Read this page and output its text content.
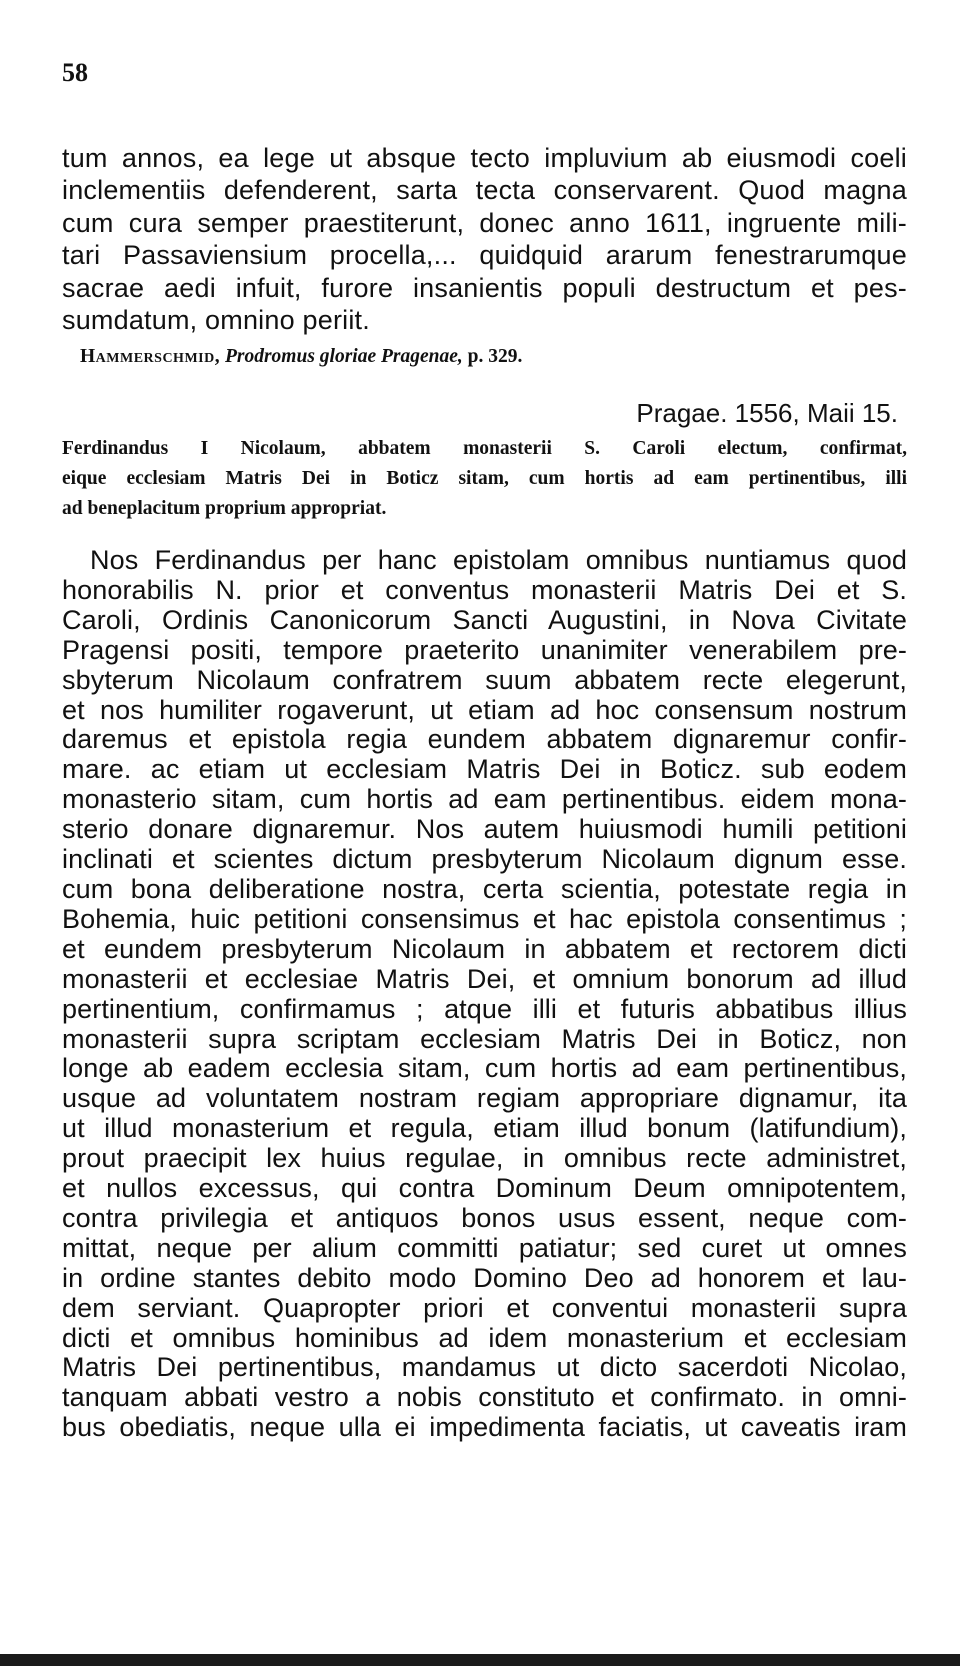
58
tum annos, ea lege ut absque tecto impluvium ab eiusmodi coeli
inclementiis defenderent, sarta tecta conservarent. Quod magna
cum cura semper praestiterunt, donec anno 1611, ingruente mili-
tari Passaviensium procella,... quidquid ararum fenestrarumque
sacrae aedi infuit, furore insanientis populi destructum et pes-
sumdatum, omnino periit.
Hammerschmid, Prodromus gloriae Pragenae, p. 329.
Pragae. 1556, Maii 15.
Ferdinandus I Nicolaum, abbatem monasterii S. Caroli electum, confirmat,
eique ecclesiam Matris Dei in Boticz sitam, cum hortis ad eam pertinentibus, illi
ad beneplacitum proprium appropriat.
Nos Ferdinandus per hanc epistolam omnibus nuntiamus quod
honorabilis N. prior et conventus monasterii Matris Dei et S.
Caroli, Ordinis Canonicorum Sancti Augustini, in Nova Civitate
Pragensi positi, tempore praeterito unanimiter venerabilem pre-
sbyterum Nicolaum confratrem suum abbatem recte elegerunt,
et nos humiliter rogaverunt, ut etiam ad hoc consensum nostrum
daremus et epistola regia eundem abbatem dignaremur confir-
mare. ac etiam ut ecclesiam Matris Dei in Boticz. sub eodem
monasterio sitam, cum hortis ad eam pertinentibus. eidem mona-
sterio donare dignaremur. Nos autem huiusmodi humili petitioni
inclinati et scientes dictum presbyterum Nicolaum dignum esse.
cum bona deliberatione nostra, certa scientia, potestate regia in
Bohemia, huic petitioni consensimus et hac epistola consentimus ;
et eundem presbyterum Nicolaum in abbatem et rectorem dicti
monasterii et ecclesiae Matris Dei, et omnium bonorum ad illud
pertinentium, confirmamus ; atque illi et futuris abbatibus illius
monasterii supra scriptam ecclesiam Matris Dei in Boticz, non
longe ab eadem ecclesia sitam, cum hortis ad eam pertinentibus,
usque ad voluntatem nostram regiam appropriare dignamur, ita
ut illud monasterium et regula, etiam illud bonum (latifundium),
prout praecipit lex huius regulae, in omnibus recte administret,
et nullos excessus, qui contra Dominum Deum omnipotentem,
contra privilegia et antiquos bonos usus essent, neque com-
mittat, neque per alium committi patiatur; sed curet ut omnes
in ordine stantes debito modo Domino Deo ad honorem et lau-
dem serviant. Quapropter priori et conventui monasterii supra
dicti et omnibus hominibus ad idem monasterium et ecclesiam
Matris Dei pertinentibus, mandamus ut dicto sacerdoti Nicolao,
tanquam abbati vestro a nobis constituto et confirmato. in omni-
bus obediatis, neque ulla ei impedimenta faciatis, ut caveatis iram
